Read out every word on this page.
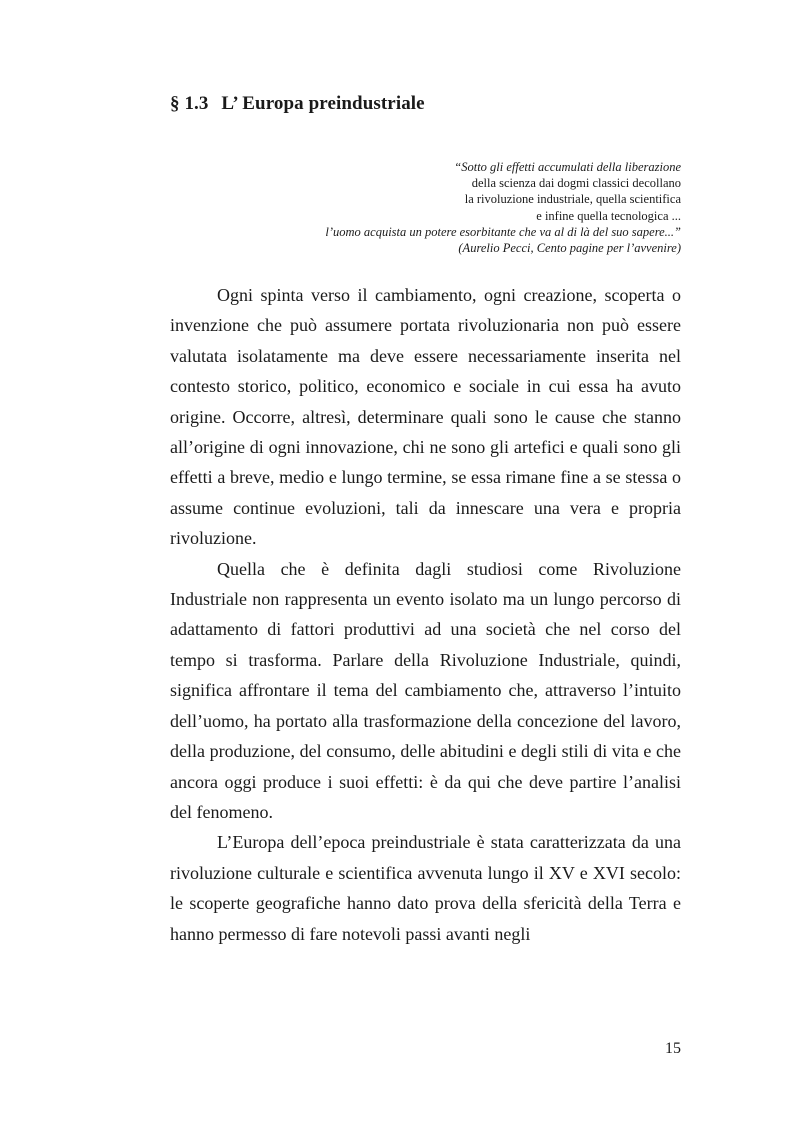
§ 1.3 L’ Europa preindustriale
“Sotto gli effetti accumulati della liberazione
della scienza dai dogmi classici decollano
la rivoluzione industriale, quella scientifica
e infine quella tecnologica ...
l’uomo acquista un potere esorbitante che va al di là del suo sapere...”
(Aurelio Pecci, Cento pagine per l’avvenire)

Ogni spinta verso il cambiamento, ogni creazione, scoperta o invenzione che può assumere portata rivoluzionaria non può essere valutata isolatamente ma deve essere necessariamente inserita nel contesto storico, politico, economico e sociale in cui essa ha avuto origine. Occorre, altresì, determinare quali sono le cause che stanno all’origine di ogni innovazione, chi ne sono gli artefici e quali sono gli effetti a breve, medio e lungo termine, se essa rimane fine a se stessa o assume continue evoluzioni, tali da innescare una vera e propria rivoluzione.

Quella che è definita dagli studiosi come Rivoluzione Industriale non rappresenta un evento isolato ma un lungo percorso di adattamento di fattori produttivi ad una società che nel corso del tempo si trasforma. Parlare della Rivoluzione Industriale, quindi, significa affrontare il tema del cambiamento che, attraverso l’intuito dell’uomo, ha portato alla trasformazione della concezione del lavoro, della produzione, del consumo, delle abitudini e degli stili di vita e che ancora oggi produce i suoi effetti: è da qui che deve partire l’analisi del fenomeno.

L’Europa dell’epoca preindustriale è stata caratterizzata da una rivoluzione culturale e scientifica avvenuta lungo il XV e XVI secolo: le scoperte geografiche hanno dato prova della sfericità della Terra e hanno permesso di fare notevoli passi avanti negli

15
